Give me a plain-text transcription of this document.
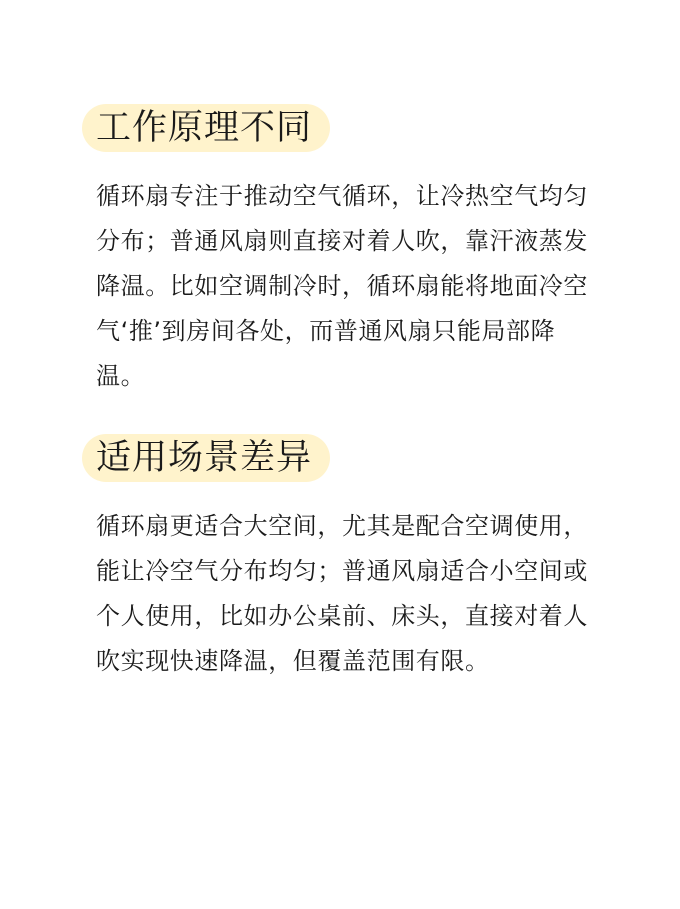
工作原理不同

循环扇专注于推动空气循环，让冷热空气均匀分布；普通风扇则直接对着人吹，靠汗液蒸发降温。比如空调制冷时，循环扇能将地面冷空气‘推’到房间各处，而普通风扇只能局部降温。

适用场景差异

循环扇更适合大空间，尤其是配合空调使用，能让冷空气分布均匀；普通风扇适合小空间或个人使用，比如办公桌前、床头，直接对着人吹实现快速降温，但覆盖范围有限。
